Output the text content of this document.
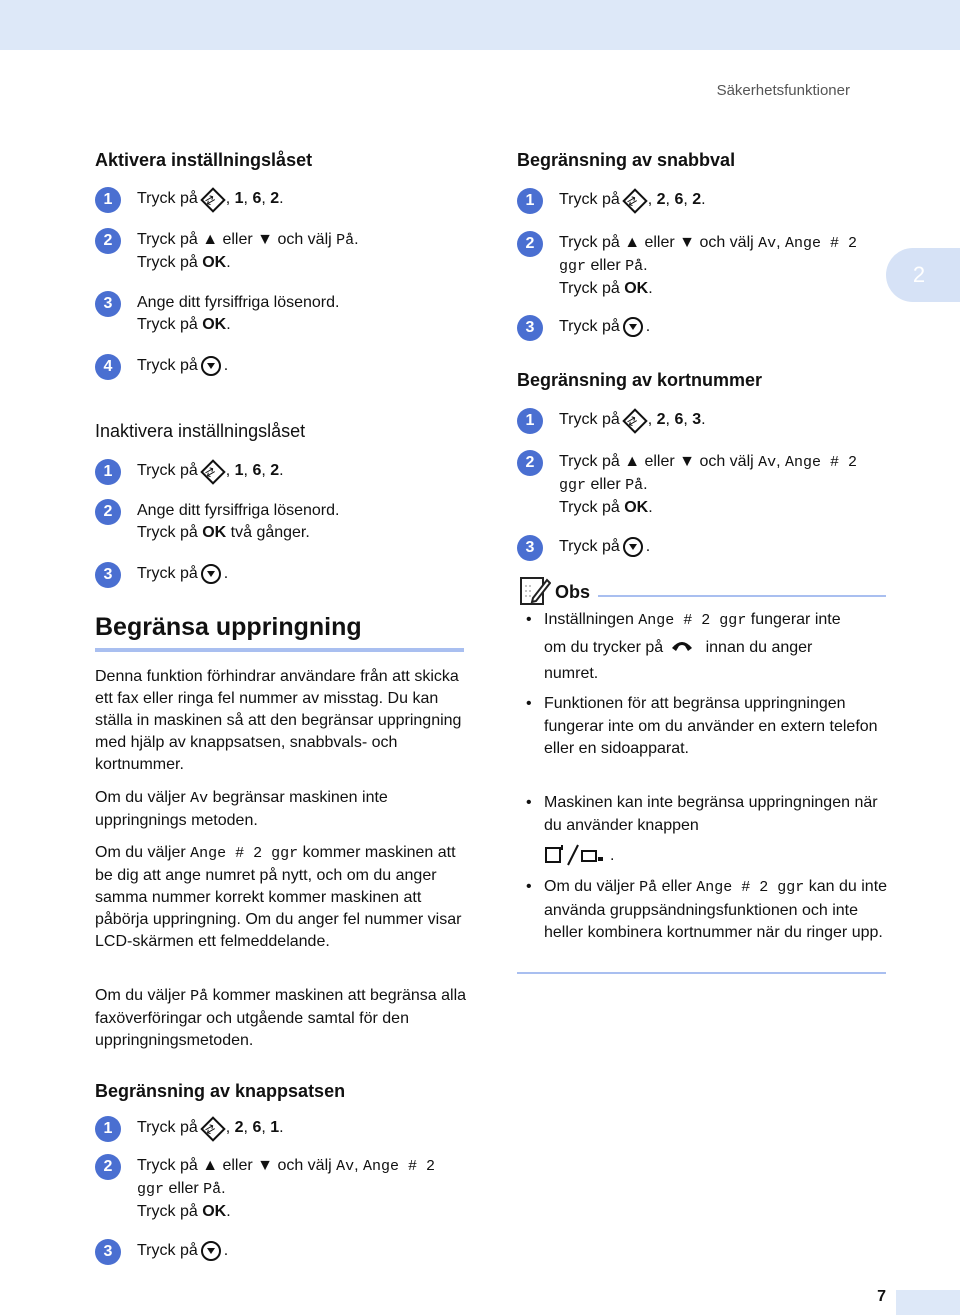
Säkerhetsfunktioner
2
Aktivera inställningslåset
1	Tryck på ⇄ , 1, 6, 2.
2	Tryck på ▲ eller ▼ och välj På.
Tryck på OK.
3	Ange ditt fyrsiffriga lösenord.
Tryck på OK.
4	Tryck på .
Inaktivera inställningslåset
1	Tryck på ⇄ , 1, 6, 2.
2	Ange ditt fyrsiffriga lösenord.
Tryck på OK två gånger.
3	Tryck på .
Begränsa uppringning
Denna funktion förhindrar användare från att skicka ett fax eller ringa fel nummer av misstag. Du kan ställa in maskinen så att den begränsar uppringning med hjälp av knappsatsen, snabbvals- och kortnummer.
Om du väljer Av begränsar maskinen inte uppringnings metoden.
Om du väljer Ange # 2 ggr kommer maskinen att be dig att ange numret på nytt, och om du anger samma nummer korrekt kommer maskinen att påbörja uppringning. Om du anger fel nummer visar LCD-skärmen ett felmeddelande.
Om du väljer På kommer maskinen att begränsa alla faxöverföringar och utgående samtal för den uppringningsmetoden.
Begränsning av knappsatsen
1	Tryck på ⇄ , 2, 6, 1.
2	Tryck på ▲ eller ▼ och välj Av, Ange # 2
ggr eller På.
Tryck på OK.
3	Tryck på .
Begränsning av snabbval
1	Tryck på ⇄ , 2, 6, 2.
2	Tryck på ▲ eller ▼ och välj Av, Ange # 2
ggr eller På.
Tryck på OK.
3	Tryck på .
Begränsning av kortnummer
1	Tryck på ⇄ , 2, 6, 3.
2	Tryck på ▲ eller ▼ och välj Av, Ange # 2
ggr eller På.
Tryck på OK.
3	Tryck på .
Obs
• Inställningen Ange # 2 ggr fungerar inte
om du trycker på innan du anger
numret.
• Funktionen för att begränsa uppringningen fungerar inte om du använder en extern telefon eller en sidoapparat.
• Maskinen kan inte begränsa uppringningen när du använder knappen
.
• Om du väljer På eller Ange # 2 ggr kan du inte använda gruppsändningsfunktionen och inte heller kombinera kortnummer när du ringer upp.
7
